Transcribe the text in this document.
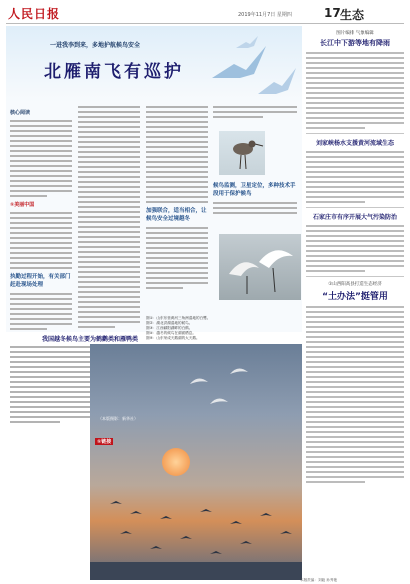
人民日报	2019年11月7日 星期四	17 生态
一进我李到来，多地护航候鸟安全
北雁南飞有巡护
核心阅读
①美丽中国
执勤过程开始，有关部门赶赴现场处理
加强联合，适当相合，让候鸟安全过境越冬
候鸟监测，卫星定位，多种技术手段用于保护候鸟
图①：山东东营黄河三角洲湿地的白鹭。
图②：湖北洪湖湿地的候鸟。
图③：江西鄱阳湖畔的白鹤。
图④：越冬的候鸟在湖面栖息。
图⑤：山东荣成天鹅湖的大天鹅。
我国越冬候鸟主要为鹤鹳类和雁鸭类
（本版摄影：新华社）
①链接
图片编排 气象编辑
长江中下游等地有降雨
刘家峡杨水支援黄河流域生态
石家庄市有序开展大气污染防治
①山西阳高县打造生态经济
“土办法”挺管用
本版责编：刘毅 孙秀艳
